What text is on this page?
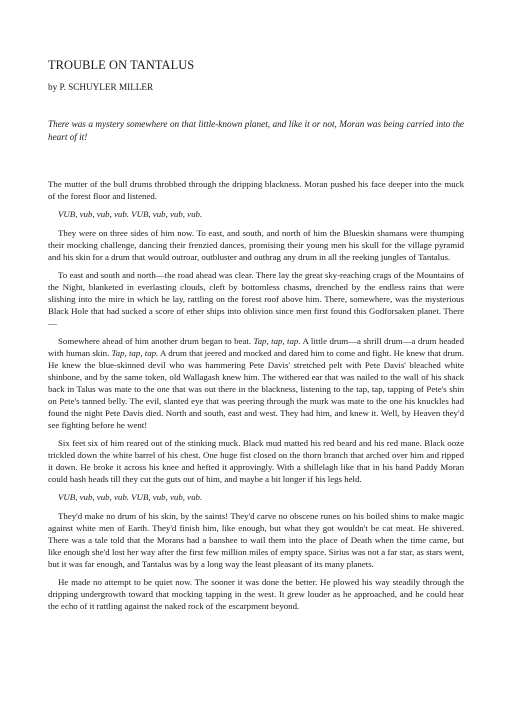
TROUBLE ON TANTALUS
by P. SCHUYLER MILLER

There was a mystery somewhere on that little-known planet, and like it or not, Moran was being carried into the heart of it!

The mutter of the bull drums throbbed through the dripping blackness. Moran pushed his face deeper into the muck of the forest floor and listened.

VUB, vub, vub, vub. VUB, vub, vub, vub.

They were on three sides of him now. To east, and south, and north of him the Blueskin shamans were thumping their mocking challenge, dancing their frenzied dances, promising their young men his skull for the village pyramid and his skin for a drum that would outroar, outbluster and outbrag any drum in all the reeking jungles of Tantalus.

To east and south and north—the road ahead was clear. There lay the great sky-reaching crags of the Mountains of the Night, blanketed in everlasting clouds, cleft by bottomless chasms, drenched by the endless rains that were slishing into the mire in which he lay, rattling on the forest roof above him. There, somewhere, was the mysterious Black Hole that had sucked a score of ether ships into oblivion since men first found this Godforsaken planet. There—

Somewhere ahead of him another drum began to beat. Tap, tap, tap. A little drum—a shrill drum—a drum headed with human skin. Tap, tap, tap. A drum that jeered and mocked and dared him to come and fight. He knew that drum. He knew the blue-skinned devil who was hammering Pete Davis' stretched pelt with Pete Davis' bleached white shinbone, and by the same token, old Wallagash knew him. The withered ear that was nailed to the wall of his shack back in Talus was mate to the one that was out there in the blackness, listening to the tap, tap, tapping of Pete's shin on Pete's tanned belly. The evil, slanted eye that was peering through the murk was mate to the one his knuckles had found the night Pete Davis died. North and south, east and west. They had him, and knew it. Well, by Heaven they'd see fighting before he went!

Six feet six of him reared out of the stinking muck. Black mud matted his red beard and his red mane. Black ooze trickled down the white barrel of his chest. One huge fist closed on the thorn branch that arched over him and ripped it down. He broke it across his knee and hefted it approvingly. With a shillelagh like that in his hand Paddy Moran could bash heads till they cut the guts out of him, and maybe a bit longer if his legs held.

VUB, vub, vub, vub. VUB, vub, vub, vub.

They'd make no drum of his skin, by the saints! They'd carve no obscene runes on his boiled shins to make magic against white men of Earth. They'd finish him, like enough, but what they got wouldn't be cat meat. He shivered. There was a tale told that the Morans had a banshee to wail them into the place of Death when the time came, but like enough she'd lost her way after the first few million miles of empty space. Sirius was not a far star, as stars went, but it was far enough, and Tantalus was by a long way the least pleasant of its many planets.

He made no attempt to be quiet now. The sooner it was done the better. He plowed his way steadily through the dripping undergrowth toward that mocking tapping in the west. It grew louder as he approached, and he could hear the echo of it rattling against the naked rock of the escarpment beyond.
